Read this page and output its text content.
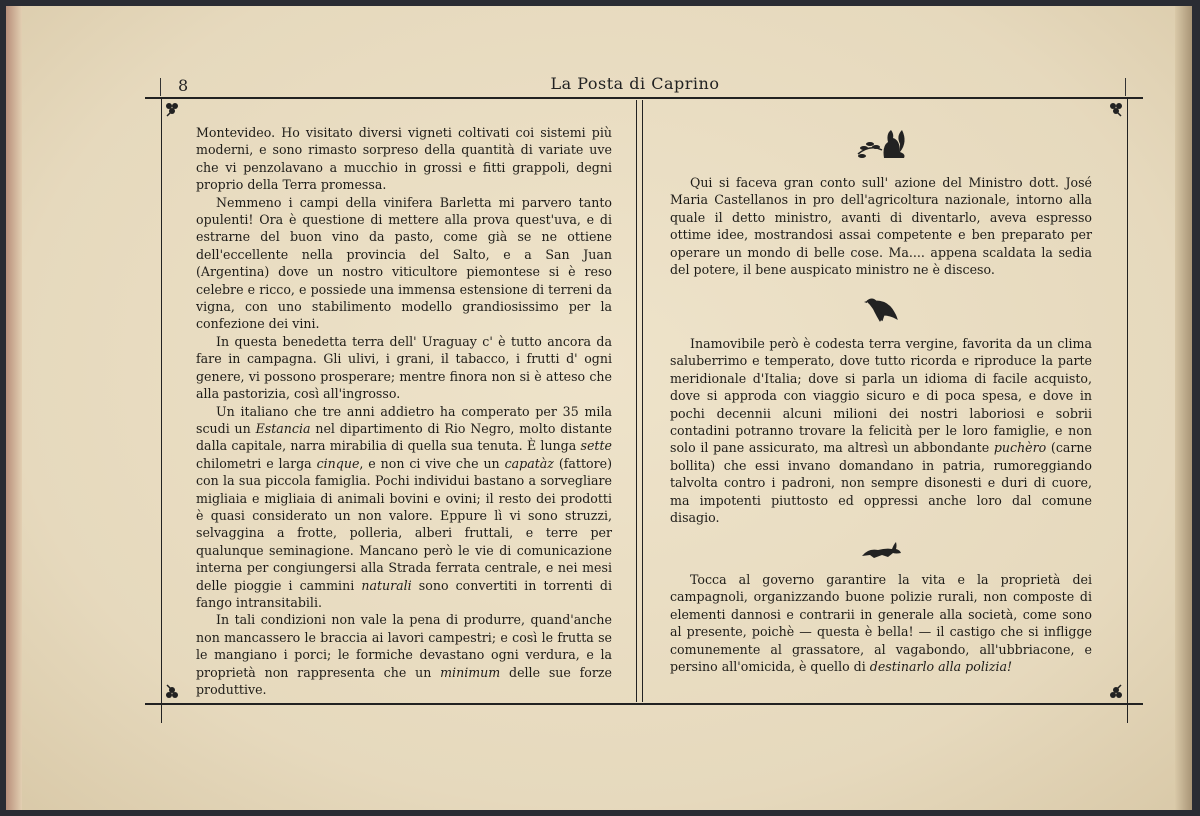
8	La Posta di Caprino

Montevideo. Ho visitato diversi vigneti coltivati coi sistemi più moderni, e sono rimasto sorpreso della quantità di variate uve che vi penzolavano a mucchio in grossi e fitti grappoli, degni proprio della Terra promessa.

Nemmeno i campi della vinifera Barletta mi parvero tanto opulenti! Ora è questione di mettere alla prova quest'uva, e di estrarne del buon vino da pasto, come già se ne ottiene dell'eccellente nella provincia del Salto, e a San Juan (Argentina) dove un nostro viticultore piemontese si è reso celebre e ricco, e possiede una immensa estensione di terreni da vigna, con uno stabilimento modello grandiosissimo per la confezione dei vini.

In questa benedetta terra dell' Uraguay c' è tutto ancora da fare in campagna. Gli ulivi, i grani, il tabacco, i frutti d' ogni genere, vi possono prosperare; mentre finora non si è atteso che alla pastorizia, così all'ingrosso.

Un italiano che tre anni addietro ha comperato per 35 mila scudi un Estancia nel dipartimento di Rio Negro, molto distante dalla capitale, narra mirabilia di quella sua tenuta. È lunga sette chilometri e larga cinque, e non ci vive che un capatàz (fattore) con la sua piccola famiglia. Pochi individui bastano a sorvegliare migliaia e migliaia di animali bovini e ovini; il resto dei prodotti è quasi considerato un non valore. Eppure lì vi sono struzzi, selvaggina a frotte, polleria, alberi fruttali, e terre per qualunque seminagione. Mancano però le vie di comunicazione interna per congiungersi alla Strada ferrata centrale, e nei mesi delle pioggie i cammini naturali sono convertiti in torrenti di fango intransitabili.

In tali condizioni non vale la pena di produrre, quand'anche non mancassero le braccia ai lavori campestri; e così le frutta se le mangiano i porci; le formiche devastano ogni verdura, e la proprietà non rappresenta che un minimum delle sue forze produttive.

Qui si faceva gran conto sull' azione del Ministro dott. José Maria Castellanos in pro dell'agricoltura nazionale, intorno alla quale il detto ministro, avanti di diventarlo, aveva espresso ottime idee, mostrandosi assai competente e ben preparato per operare un mondo di belle cose. Ma.... appena scaldata la sedia del potere, il bene auspicato ministro ne è disceso.

Inamovibile però è codesta terra vergine, favorita da un clima saluberrimo e temperato, dove tutto ricorda e riproduce la parte meridionale d'Italia; dove si parla un idioma di facile acquisto, dove si approda con viaggio sicuro e di poca spesa, e dove in pochi decennii alcuni milioni dei nostri laboriosi e sobrii contadini potranno trovare la felicità per le loro famiglie, e non solo il pane assicurato, ma altresì un abbondante puchèro (carne bollita) che essi invano domandano in patria, rumoreggiando talvolta contro i padroni, non sempre disonesti e duri di cuore, ma impotenti piuttosto ed oppressi anche loro dal comune disagio.

Tocca al governo garantire la vita e la proprietà dei campagnoli, organizzando buone polizie rurali, non composte di elementi dannosi e contrarii in generale alla società, come sono al presente, poichè — questa è bella! — il castigo che si infligge comunemente al grassatore, al vagabondo, all'ubbriacone, e persino all'omicida, è quello di destinarlo alla polizia!
